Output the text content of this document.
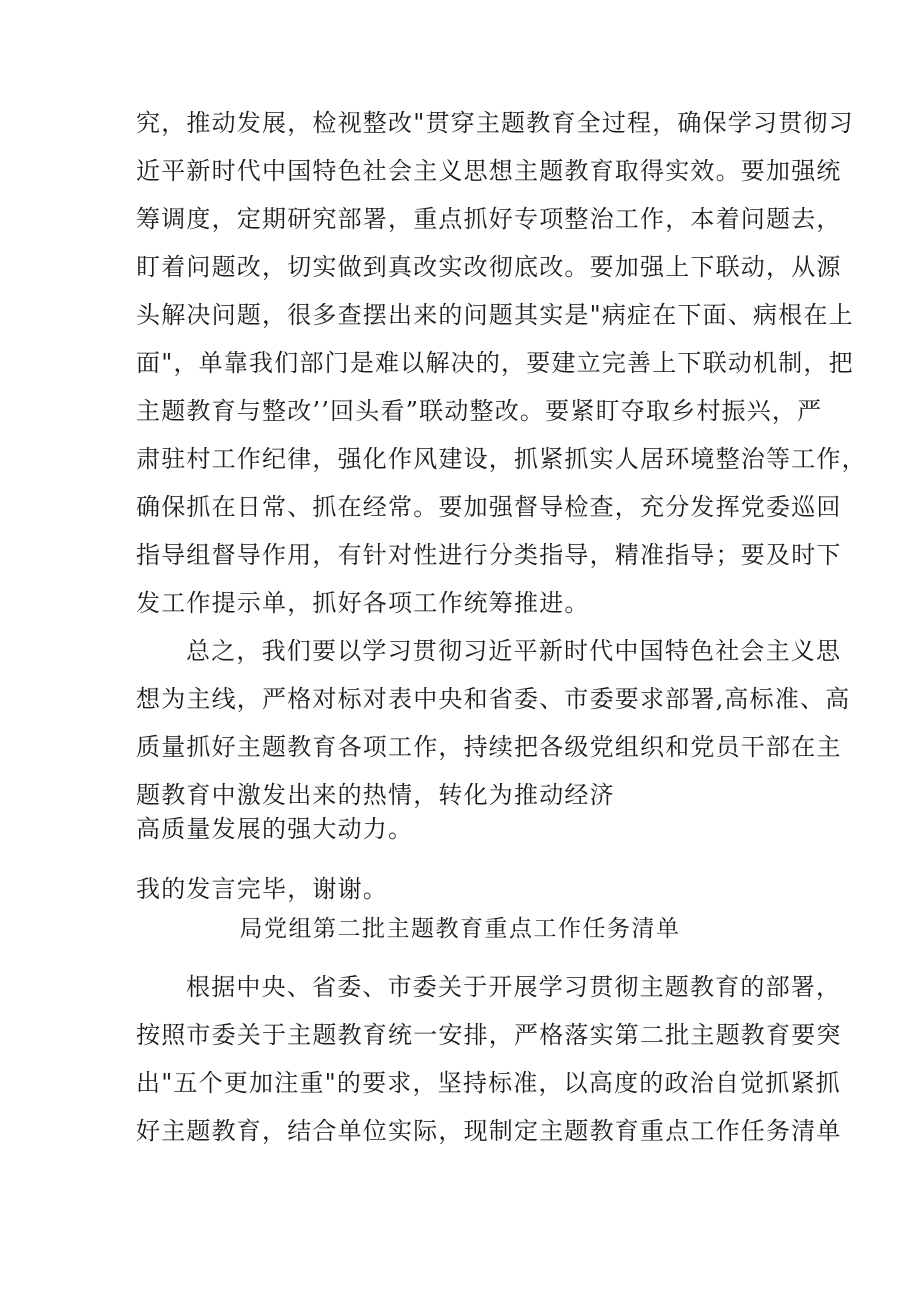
究，推动发展，检视整改"贯穿主题教育全过程，确保学习贯彻习
近平新时代中国特色社会主义思想主题教育取得实效。要加强统
筹调度，定期研究部署，重点抓好专项整治工作，本着问题去，
盯着问题改，切实做到真改实改彻底改。要加强上下联动，从源
头解决问题，很多查摆出来的问题其实是"病症在下面、病根在上
面"，单靠我们部门是难以解决的，要建立完善上下联动机制，把
主题教育与整改’’回头看”联动整改。要紧盯夺取乡村振兴，严
肃驻村工作纪律，强化作风建设，抓紧抓实人居环境整治等工作，
确保抓在日常、抓在经常。要加强督导检查，充分发挥党委巡回
指导组督导作用，有针对性进行分类指导，精准指导；要及时下
发工作提示单，抓好各项工作统筹推进。
总之，我们要以学习贯彻习近平新时代中国特色社会主义思
想为主线，严格对标对表中央和省委、市委要求部署,高标准、高
质量抓好主题教育各项工作，持续把各级党组织和党员干部在主
题教育中激发出来的热情，转化为推动经济
高质量发展的强大动力。
我的发言完毕，谢谢。
局党组第二批主题教育重点工作任务清单
根据中央、省委、市委关于开展学习贯彻主题教育的部署，
按照市委关于主题教育统一安排，严格落实第二批主题教育要突
出"五个更加注重"的要求，坚持标准，以高度的政治自觉抓紧抓
好主题教育，结合单位实际，现制定主题教育重点工作任务清单
